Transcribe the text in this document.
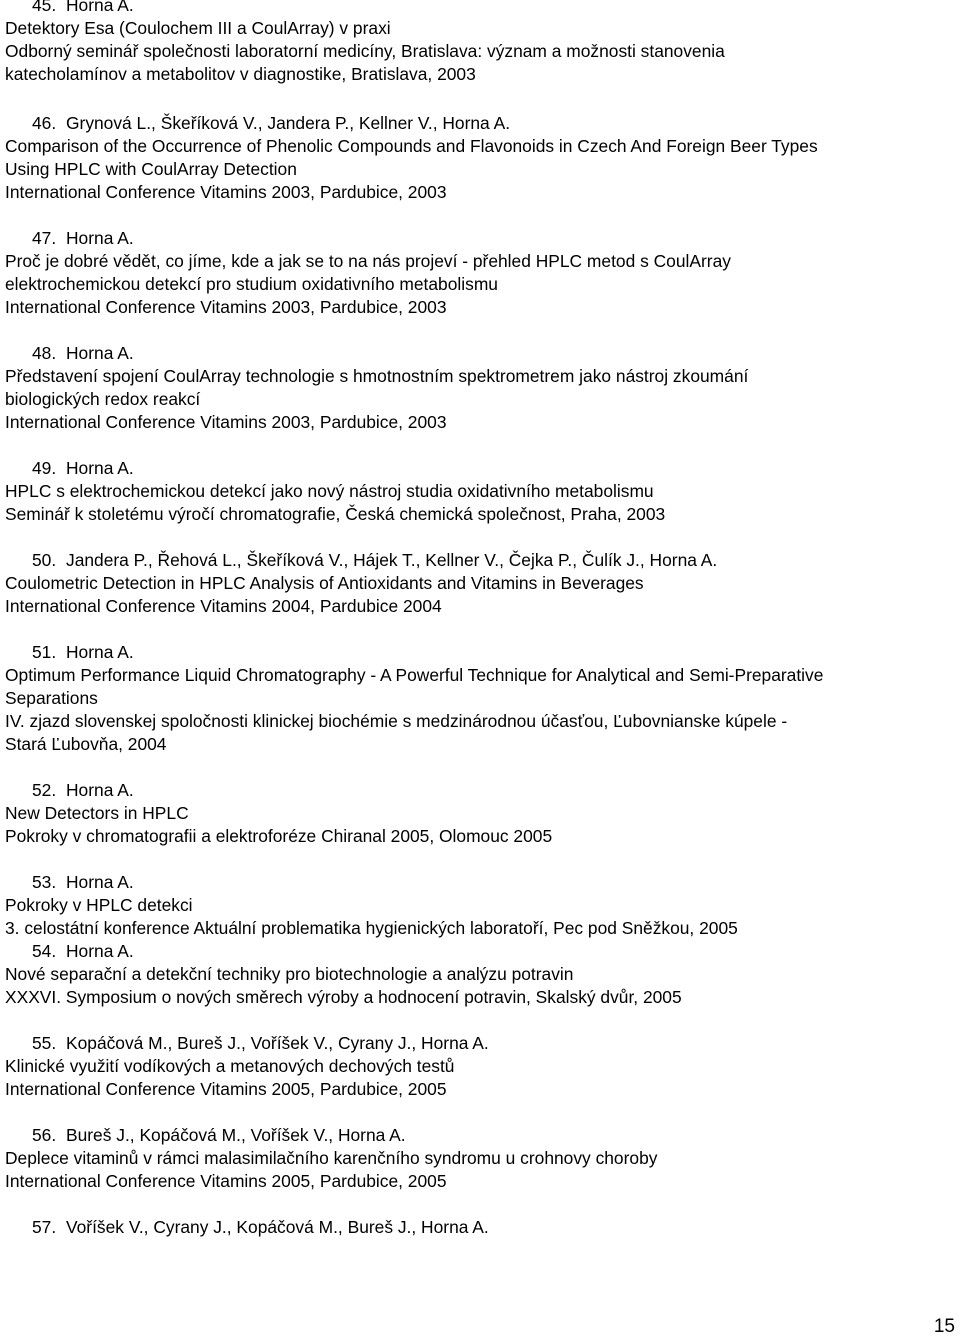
45. Horna A.
Detektory Esa (Coulochem III a CoulArray) v praxi
Odborný seminář společnosti laboratorní medicíny, Bratislava: význam a možnosti stanovenia
katecholamínov a metabolitov v diagnostike, Bratislava, 2003
46. Grynová L., Škeříková V., Jandera P., Kellner V., Horna A.
Comparison of the Occurrence of Phenolic Compounds and Flavonoids in Czech And Foreign Beer Types
Using HPLC with CoulArray Detection
International Conference Vitamins 2003, Pardubice, 2003
47. Horna A.
Proč je dobré vědět, co jíme, kde a jak se to na nás projeví - přehled HPLC metod s CoulArray
elektrochemickou detekcí pro studium oxidativního metabolismu
International Conference Vitamins 2003, Pardubice, 2003
48. Horna A.
Představení spojení CoulArray technologie s hmotnostním spektrometrem jako nástroj zkoumání
biologických redox reakcí
International Conference Vitamins 2003, Pardubice, 2003
49. Horna A.
HPLC s elektrochemickou detekcí jako nový nástroj studia oxidativního metabolismu
Seminář k stoletému výročí chromatografie, Česká chemická společnost, Praha, 2003
50. Jandera P., Řehová L., Škeříková V., Hájek T., Kellner V., Čejka P., Čulík J., Horna A.
Coulometric Detection in HPLC Analysis of Antioxidants and Vitamins in Beverages
International Conference Vitamins 2004, Pardubice 2004
51. Horna A.
Optimum Performance Liquid Chromatography - A Powerful Technique for Analytical and Semi-Preparative
Separations
IV. zjazd slovenskej spoločnosti klinickej biochémie s medzinárodnou účasťou, Ľubovnianske kúpele -
Stará Ľubovňa, 2004
52. Horna A.
New Detectors in HPLC
Pokroky v chromatografii a elektroforéze Chiranal 2005, Olomouc 2005
53. Horna A.
Pokroky v HPLC detekci
3. celostátní konference Aktuální problematika hygienických laboratoří, Pec pod Sněžkou, 2005
54. Horna A.
Nové separační a detekční techniky pro biotechnologie a analýzu potravin
XXXVI. Symposium o nových směrech výroby a hodnocení potravin, Skalský dvůr, 2005
55. Kopáčová M., Bureš J., Voříšek V., Cyrany J., Horna A.
Klinické využití vodíkových a metanových dechových testů
International Conference Vitamins 2005, Pardubice, 2005
56. Bureš J., Kopáčová M., Voříšek V., Horna A.
Deplece vitaminů v rámci malasimilačního karenčního syndromu u crohnovy choroby
International Conference Vitamins 2005, Pardubice, 2005
57. Voříšek V., Cyrany J., Kopáčová M., Bureš J., Horna A.
15
